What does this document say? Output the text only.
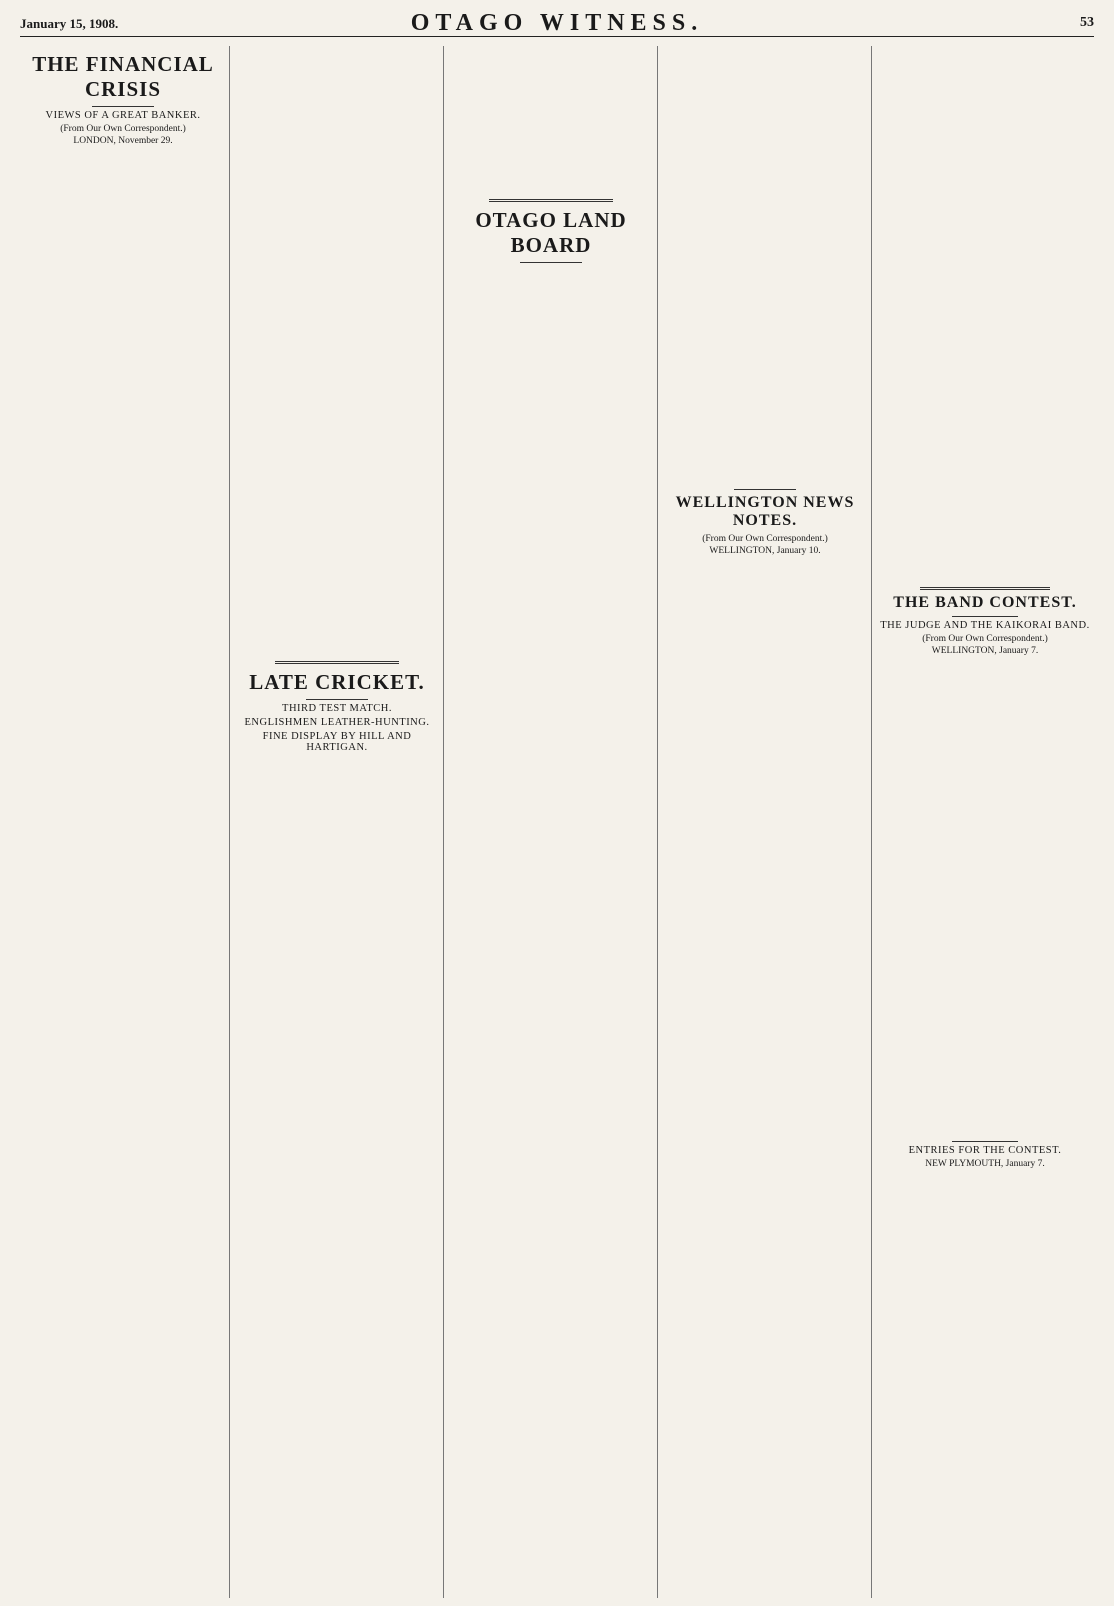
January 15, 1908.	OTAGO WITNESS.	53

THE FINANCIAL CRISIS

VIEWS OF A GREAT BANKER.

(From Our Own Correspondent.)

LONDON, November 29.

LATE CRICKET.

THIRD TEST MATCH.

ENGLISHMEN LEATHER-HUNTING.

FINE DISPLAY BY HILL AND HARTIGAN.

OTAGO LAND BOARD

WELLINGTON NEWS NOTES.

(From Our Own Correspondent.)

WELLINGTON, January 10.

THE BAND CONTEST.

THE JUDGE AND THE KAIKORAI BAND.

(From Our Own Correspondent.)

WELLINGTON, January 7.

ENTRIES FOR THE CONTEST.

NEW PLYMOUTH, January 7.
